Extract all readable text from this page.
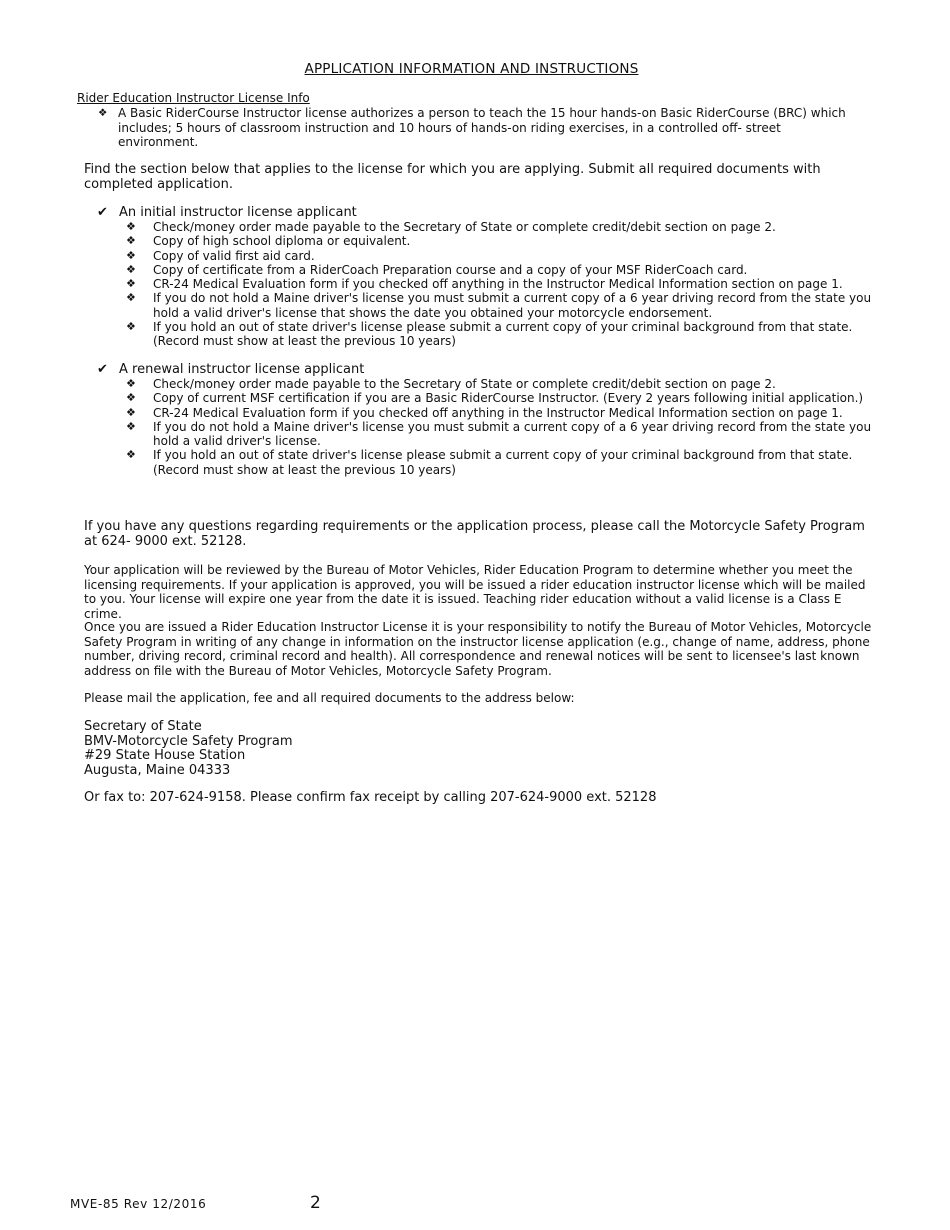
APPLICATION INFORMATION AND INSTRUCTIONS
Rider Education Instructor License Info
❖ A Basic RiderCourse Instructor license authorizes a person to teach the 15 hour hands-on Basic RiderCourse (BRC) which includes; 5 hours of classroom instruction and 10 hours of hands-on riding exercises, in a controlled off- street environment.
Find the section below that applies to the license for which you are applying. Submit all required documents with completed application.
✔ An initial instructor license applicant
❖ Check/money order made payable to the Secretary of State or complete credit/debit section on page 2.
❖ Copy of high school diploma or equivalent.
❖ Copy of valid first aid card.
❖ Copy of certificate from a RiderCoach Preparation course and a copy of your MSF RiderCoach card.
❖ CR-24 Medical Evaluation form if you checked off anything in the Instructor Medical Information section on page 1.
❖ If you do not hold a Maine driver's license you must submit a current copy of a 6 year driving record from the state you hold a valid driver's license that shows the date you obtained your motorcycle endorsement.
❖ If you hold an out of state driver's license please submit a current copy of your criminal background from that state. (Record must show at least the previous 10 years)
✔ A renewal instructor license applicant
❖ Check/money order made payable to the Secretary of State or complete credit/debit section on page 2.
❖ Copy of current MSF certification if you are a Basic RiderCourse Instructor. (Every 2 years following initial application.)
❖ CR-24 Medical Evaluation form if you checked off anything in the Instructor Medical Information section on page 1.
❖ If you do not hold a Maine driver's license you must submit a current copy of a 6 year driving record from the state you hold a valid driver's license.
❖ If you hold an out of state driver's license please submit a current copy of your criminal background from that state. (Record must show at least the previous 10 years)
If you have any questions regarding requirements or the application process, please call the Motorcycle Safety Program at 624- 9000 ext. 52128.
Your application will be reviewed by the Bureau of Motor Vehicles, Rider Education Program to determine whether you meet the licensing requirements. If your application is approved, you will be issued a rider education instructor license which will be mailed to you. Your license will expire one year from the date it is issued. Teaching rider education without a valid license is a Class E crime.
Once you are issued a Rider Education Instructor License it is your responsibility to notify the Bureau of Motor Vehicles, Motorcycle Safety Program in writing of any change in information on the instructor license application (e.g., change of name, address, phone number, driving record, criminal record and health). All correspondence and renewal notices will be sent to licensee's last known address on file with the Bureau of Motor Vehicles, Motorcycle Safety Program.
Please mail the application, fee and all required documents to the address below:
Secretary of State
BMV-Motorcycle Safety Program
#29 State House Station
Augusta, Maine 04333
Or fax to: 207-624-9158. Please confirm fax receipt by calling 207-624-9000 ext. 52128
MVE-85 Rev 12/2016	2
